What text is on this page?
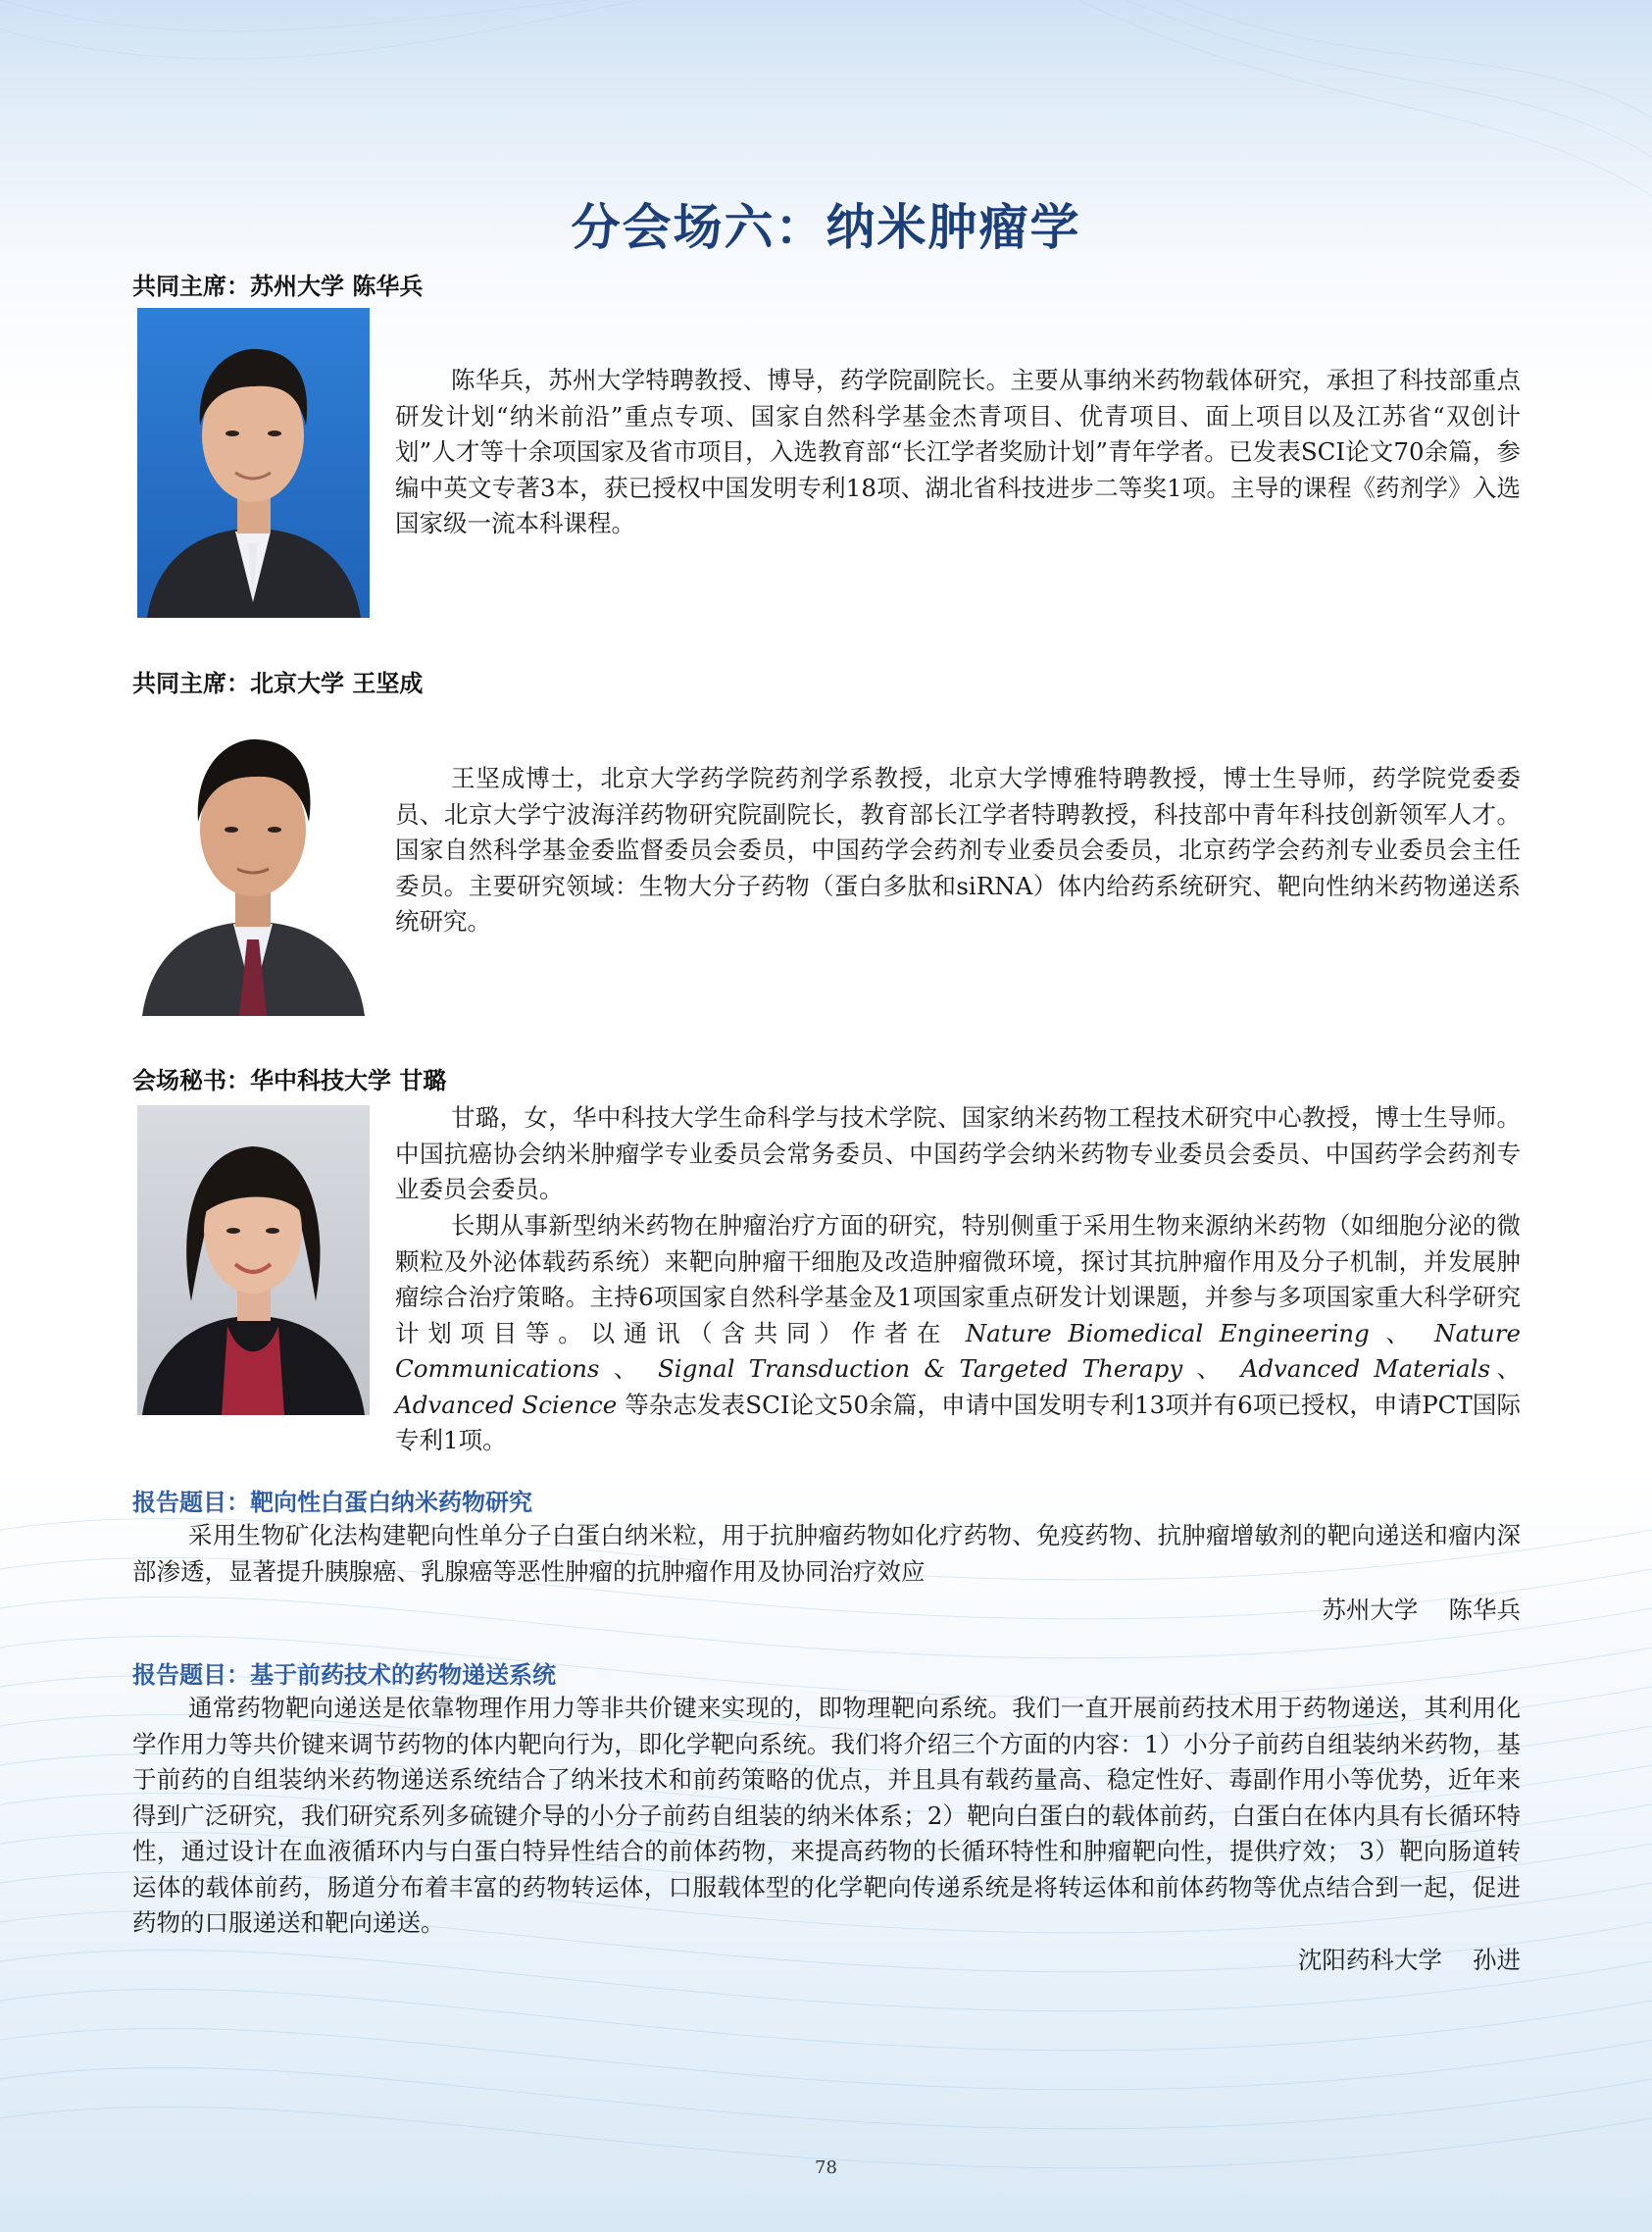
分会场六：纳米肿瘤学
共同主席：苏州大学 陈华兵

陈华兵，苏州大学特聘教授、博导，药学院副院长。主要从事纳米药物载体研究，承担了科技部重点研发计划“纳米前沿”重点专项、国家自然科学基金杰青项目、优青项目、面上项目以及江苏省“双创计划”人才等十余项国家及省市项目，入选教育部“长江学者奖励计划”青年学者。已发表SCI论文70余篇，参编中英文专著3本，获已授权中国发明专利18项、湖北省科技进步二等奖1项。主导的课程《药剂学》入选国家级一流本科课程。

共同主席：北京大学 王坚成

王坚成博士，北京大学药学院药剂学系教授，北京大学博雅特聘教授，博士生导师，药学院党委委员、北京大学宁波海洋药物研究院副院长，教育部长江学者特聘教授，科技部中青年科技创新领军人才。国家自然科学基金委监督委员会委员，中国药学会药剂专业委员会委员，北京药学会药剂专业委员会主任委员。主要研究领域：生物大分子药物（蛋白多肽和siRNA）体内给药系统研究、靶向性纳米药物递送系统研究。

会场秘书：华中科技大学 甘璐

甘璐，女，华中科技大学生命科学与技术学院、国家纳米药物工程技术研究中心教授，博士生导师。中国抗癌协会纳米肿瘤学专业委员会常务委员、中国药学会纳米药物专业委员会委员、中国药学会药剂专业委员会委员。

长期从事新型纳米药物在肿瘤治疗方面的研究，特别侧重于采用生物来源纳米药物（如细胞分泌的微颗粒及外泌体载药系统）来靶向肿瘤干细胞及改造肿瘤微环境，探讨其抗肿瘤作用及分子机制，并发展肿瘤综合治疗策略。主持6项国家自然科学基金及1项国家重点研发计划课题，并参与多项国家重大科学研究计划项目等。以通讯（含共同）作者在 Nature Biomedical Engineering 、 Nature Communications 、 Signal Transduction & Targeted Therapy 、 Advanced Materials、Advanced Science 等杂志发表SCI论文50余篇，申请中国发明专利13项并有6项已授权，申请PCT国际专利1项。

报告题目：靶向性白蛋白纳米药物研究

采用生物矿化法构建靶向性单分子白蛋白纳米粒，用于抗肿瘤药物如化疗药物、免疫药物、抗肿瘤增敏剂的靶向递送和瘤内深部渗透，显著提升胰腺癌、乳腺癌等恶性肿瘤的抗肿瘤作用及协同治疗效应

苏州大学    陈华兵
报告题目：基于前药技术的药物递送系统

通常药物靶向递送是依靠物理作用力等非共价键来实现的，即物理靶向系统。我们一直开展前药技术用于药物递送，其利用化学作用力等共价键来调节药物的体内靶向行为，即化学靶向系统。我们将介绍三个方面的内容：1）小分子前药自组装纳米药物，基于前药的自组装纳米药物递送系统结合了纳米技术和前药策略的优点，并且具有载药量高、稳定性好、毒副作用小等优势，近年来得到广泛研究，我们研究系列多硫键介导的小分子前药自组装的纳米体系；2）靶向白蛋白的载体前药，白蛋白在体内具有长循环特性，通过设计在血液循环内与白蛋白特异性结合的前体药物，来提高药物的长循环特性和肿瘤靶向性，提供疗效； 3）靶向肠道转运体的载体前药，肠道分布着丰富的药物转运体，口服载体型的化学靶向传递系统是将转运体和前体药物等优点结合到一起，促进药物的口服递送和靶向递送。

沈阳药科大学    孙进
78
